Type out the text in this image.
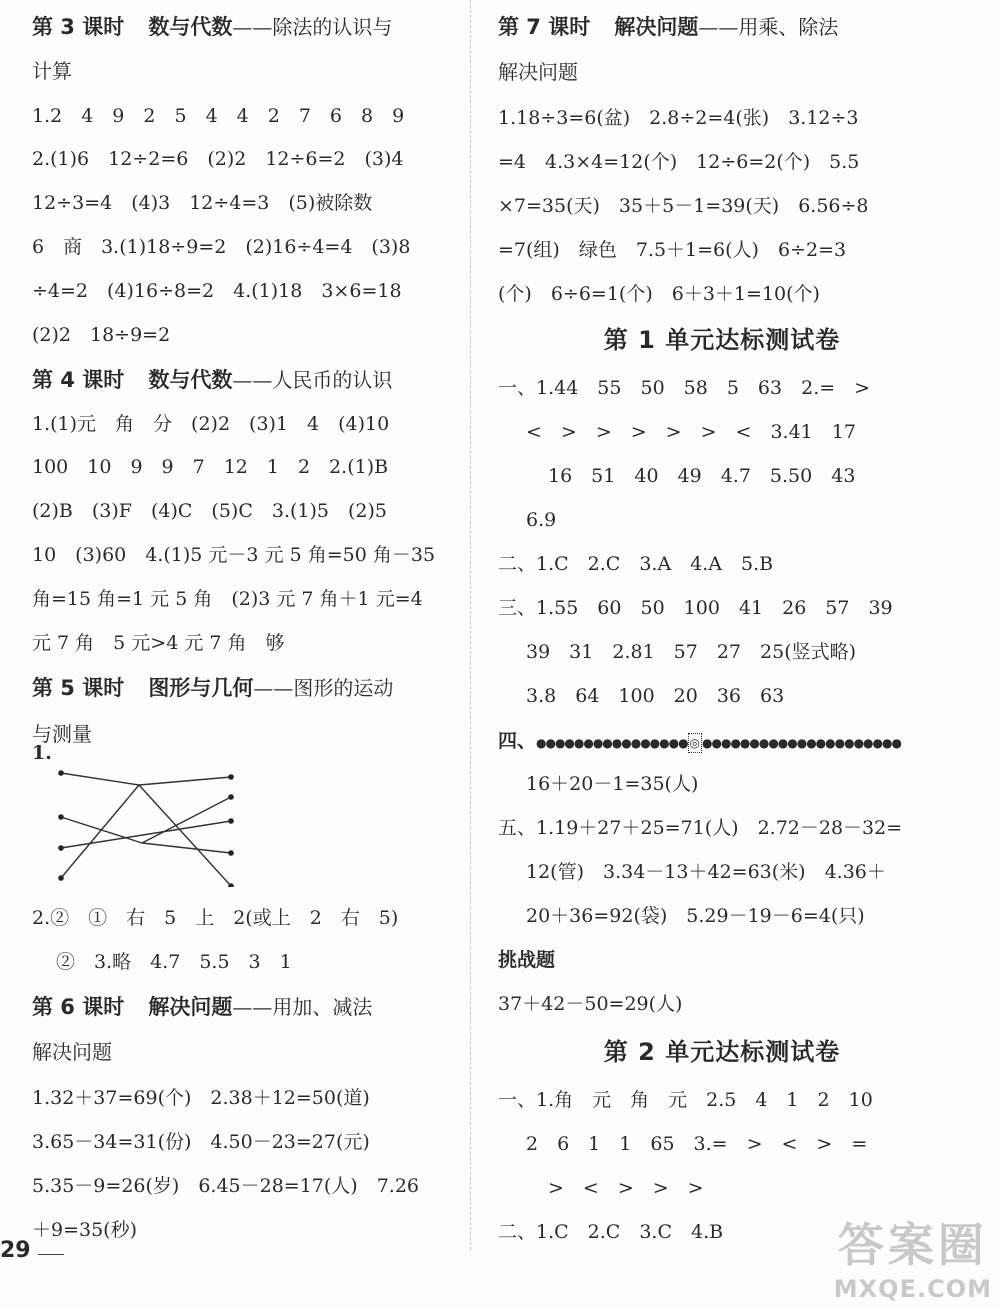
第 3 课时 数与代数——除法的认识与
计算
1.2　4　9　2　5　4　4　2　7　6　8　9
2.(1)6　12÷2=6　(2)2　12÷6=2　(3)4
12÷3=4　(4)3　12÷4=3　(5)被除数
6　商　3.(1)18÷9=2　(2)16÷4=4　(3)8
÷4=2　(4)16÷8=2　4.(1)18　3×6=18
(2)2　18÷9=2
第 4 课时 数与代数——人民币的认识
1.(1)元　角　分　(2)2　(3)1　4　(4)10
100　10　9　9　7　12　1　2　2.(1)B
(2)B　(3)F　(4)C　(5)C　3.(1)5　(2)5
10　(3)60　4.(1)5 元－3 元 5 角=50 角－35
角=15 角=1 元 5 角　(2)3 元 7 角＋1 元=4
元 7 角　5 元>4 元 7 角　够
第 5 课时 图形与几何——图形的运动
与测量
1.
2.②　①　右　5　上　2(或上　2　右　5)
②　3.略　4.7　5.5　3　1
第 6 课时 解决问题——用加、减法
解决问题
1.32＋37=69(个)　2.38＋12=50(道)
3.65－34=31(份)　4.50－23=27(元)
5.35－9=26(岁)　6.45－28=17(人)　7.26
＋9=35(秒)
第 7 课时 解决问题——用乘、除法
解决问题
1.18÷3=6(盆)　2.8÷2=4(张)　3.12÷3
=4　4.3×4=12(个)　12÷6=2(个)　5.5
×7=35(天)　35＋5－1=39(天)　6.56÷8
=7(组)　绿色　7.5＋1=6(人)　6÷2=3
(个)　6÷6=1(个)　6＋3＋1=10(个)
第 1 单元达标测试卷
一、1.44　55　50　58　5　63　2.=　>
<　>　>　>　>　>　<　3.41　17
16　51　40　49　4.7　5.50　43
6.9
二、1.C　2.C　3.A　4.A　5.B
三、1.55　60　50　100　41　26　57　39
39　31　2.81　57　27　25(竖式略)
3.8　64　100　20　36　63
四、●●●●●●●●●●●●●●●● ◎ ●●●●●●●●●●●●●●●●●●●●●
16＋20－1=35(人)
五、1.19＋27＋25=71(人)　2.72－28－32=
12(管)　3.34－13＋42=63(米)　4.36＋
20＋36=92(袋)　5.29－19－6=4(只)
挑战题
37＋42－50=29(人)
第 2 单元达标测试卷
一、1.角　元　角　元　2.5　4　1　2　10
2　6　1　1　65　3.=　>　<　>　=
>　<　>　>　>
二、1.C　2.C　3.C　4.B
29	答案圈
MXQE.COM
